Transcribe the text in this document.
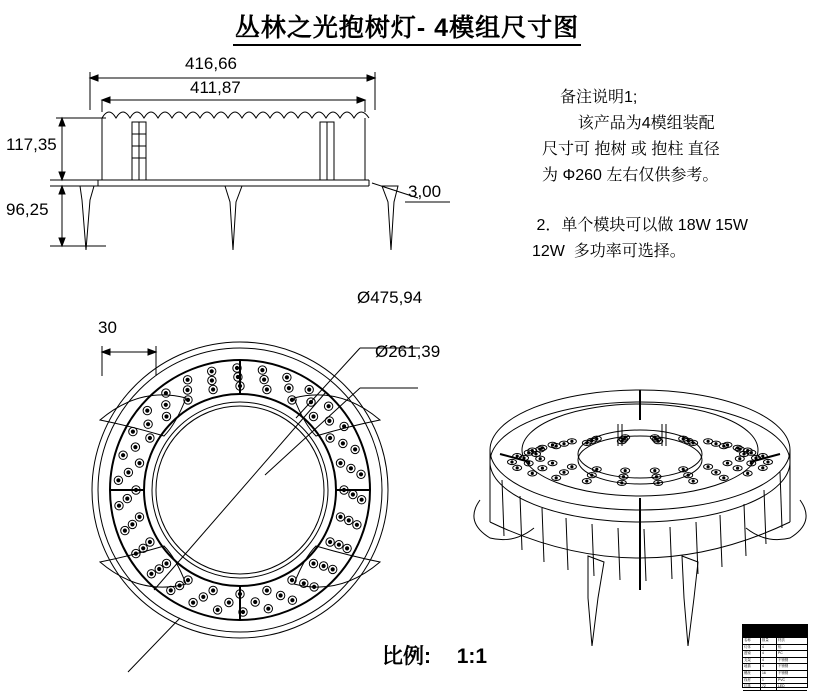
丛林之光抱树灯- 4模组尺寸图
416,66
411,87
117,35
96,25
3,00
备注说明1;
该产品为4模组装配
尺寸可 抱树 或 抱柱 直径
为 Φ260 左右仅供参考。
2．单个模块可以做 18W 15W
12W  多功率可选择。
30
Ø475,94
Ø261,39
比例: 1:1
名称	数量	材质
灯体	4	铝
透镜	4	PC
支架	4	不锈钢
地插	4	不锈钢
螺丝	16	不锈钢
线材	1	PVC
灯珠	72	LED
